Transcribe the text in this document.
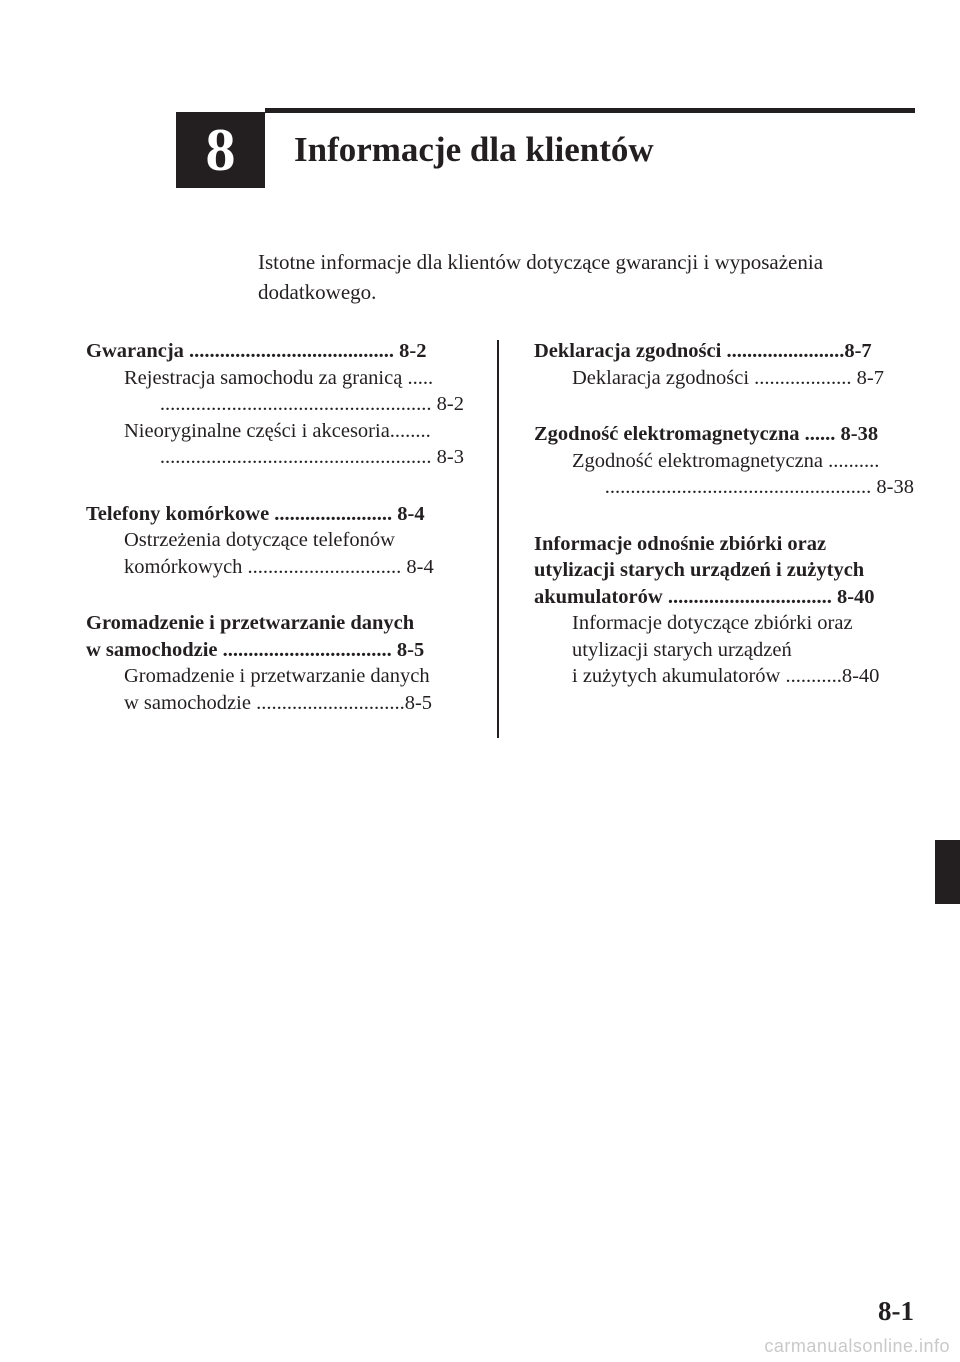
8	Informacje dla klientów
Istotne informacje dla klientów dotyczące gwarancji i wyposażenia
dodatkowego.
Gwarancja ........................................ 8-2
Rejestracja samochodu za granicą .....
..................................................... 8-2
Nieoryginalne części i akcesoria........
..................................................... 8-3
Telefony komórkowe ....................... 8-4
Ostrzeżenia dotyczące telefonów
komórkowych .............................. 8-4
Gromadzenie i przetwarzanie danych
w samochodzie ................................. 8-5
Gromadzenie i przetwarzanie danych
w samochodzie .............................8-5
Deklaracja zgodności .......................8-7
Deklaracja zgodności ................... 8-7
Zgodność elektromagnetyczna ...... 8-38
Zgodność elektromagnetyczna ..........
.................................................... 8-38
Informacje odnośnie zbiórki oraz
utylizacji starych urządzeń i zużytych
akumulatorów ................................ 8-40
Informacje dotyczące zbiórki oraz
utylizacji starych urządzeń
i zużytych akumulatorów ...........8-40
8-1
carmanualsonline.info
